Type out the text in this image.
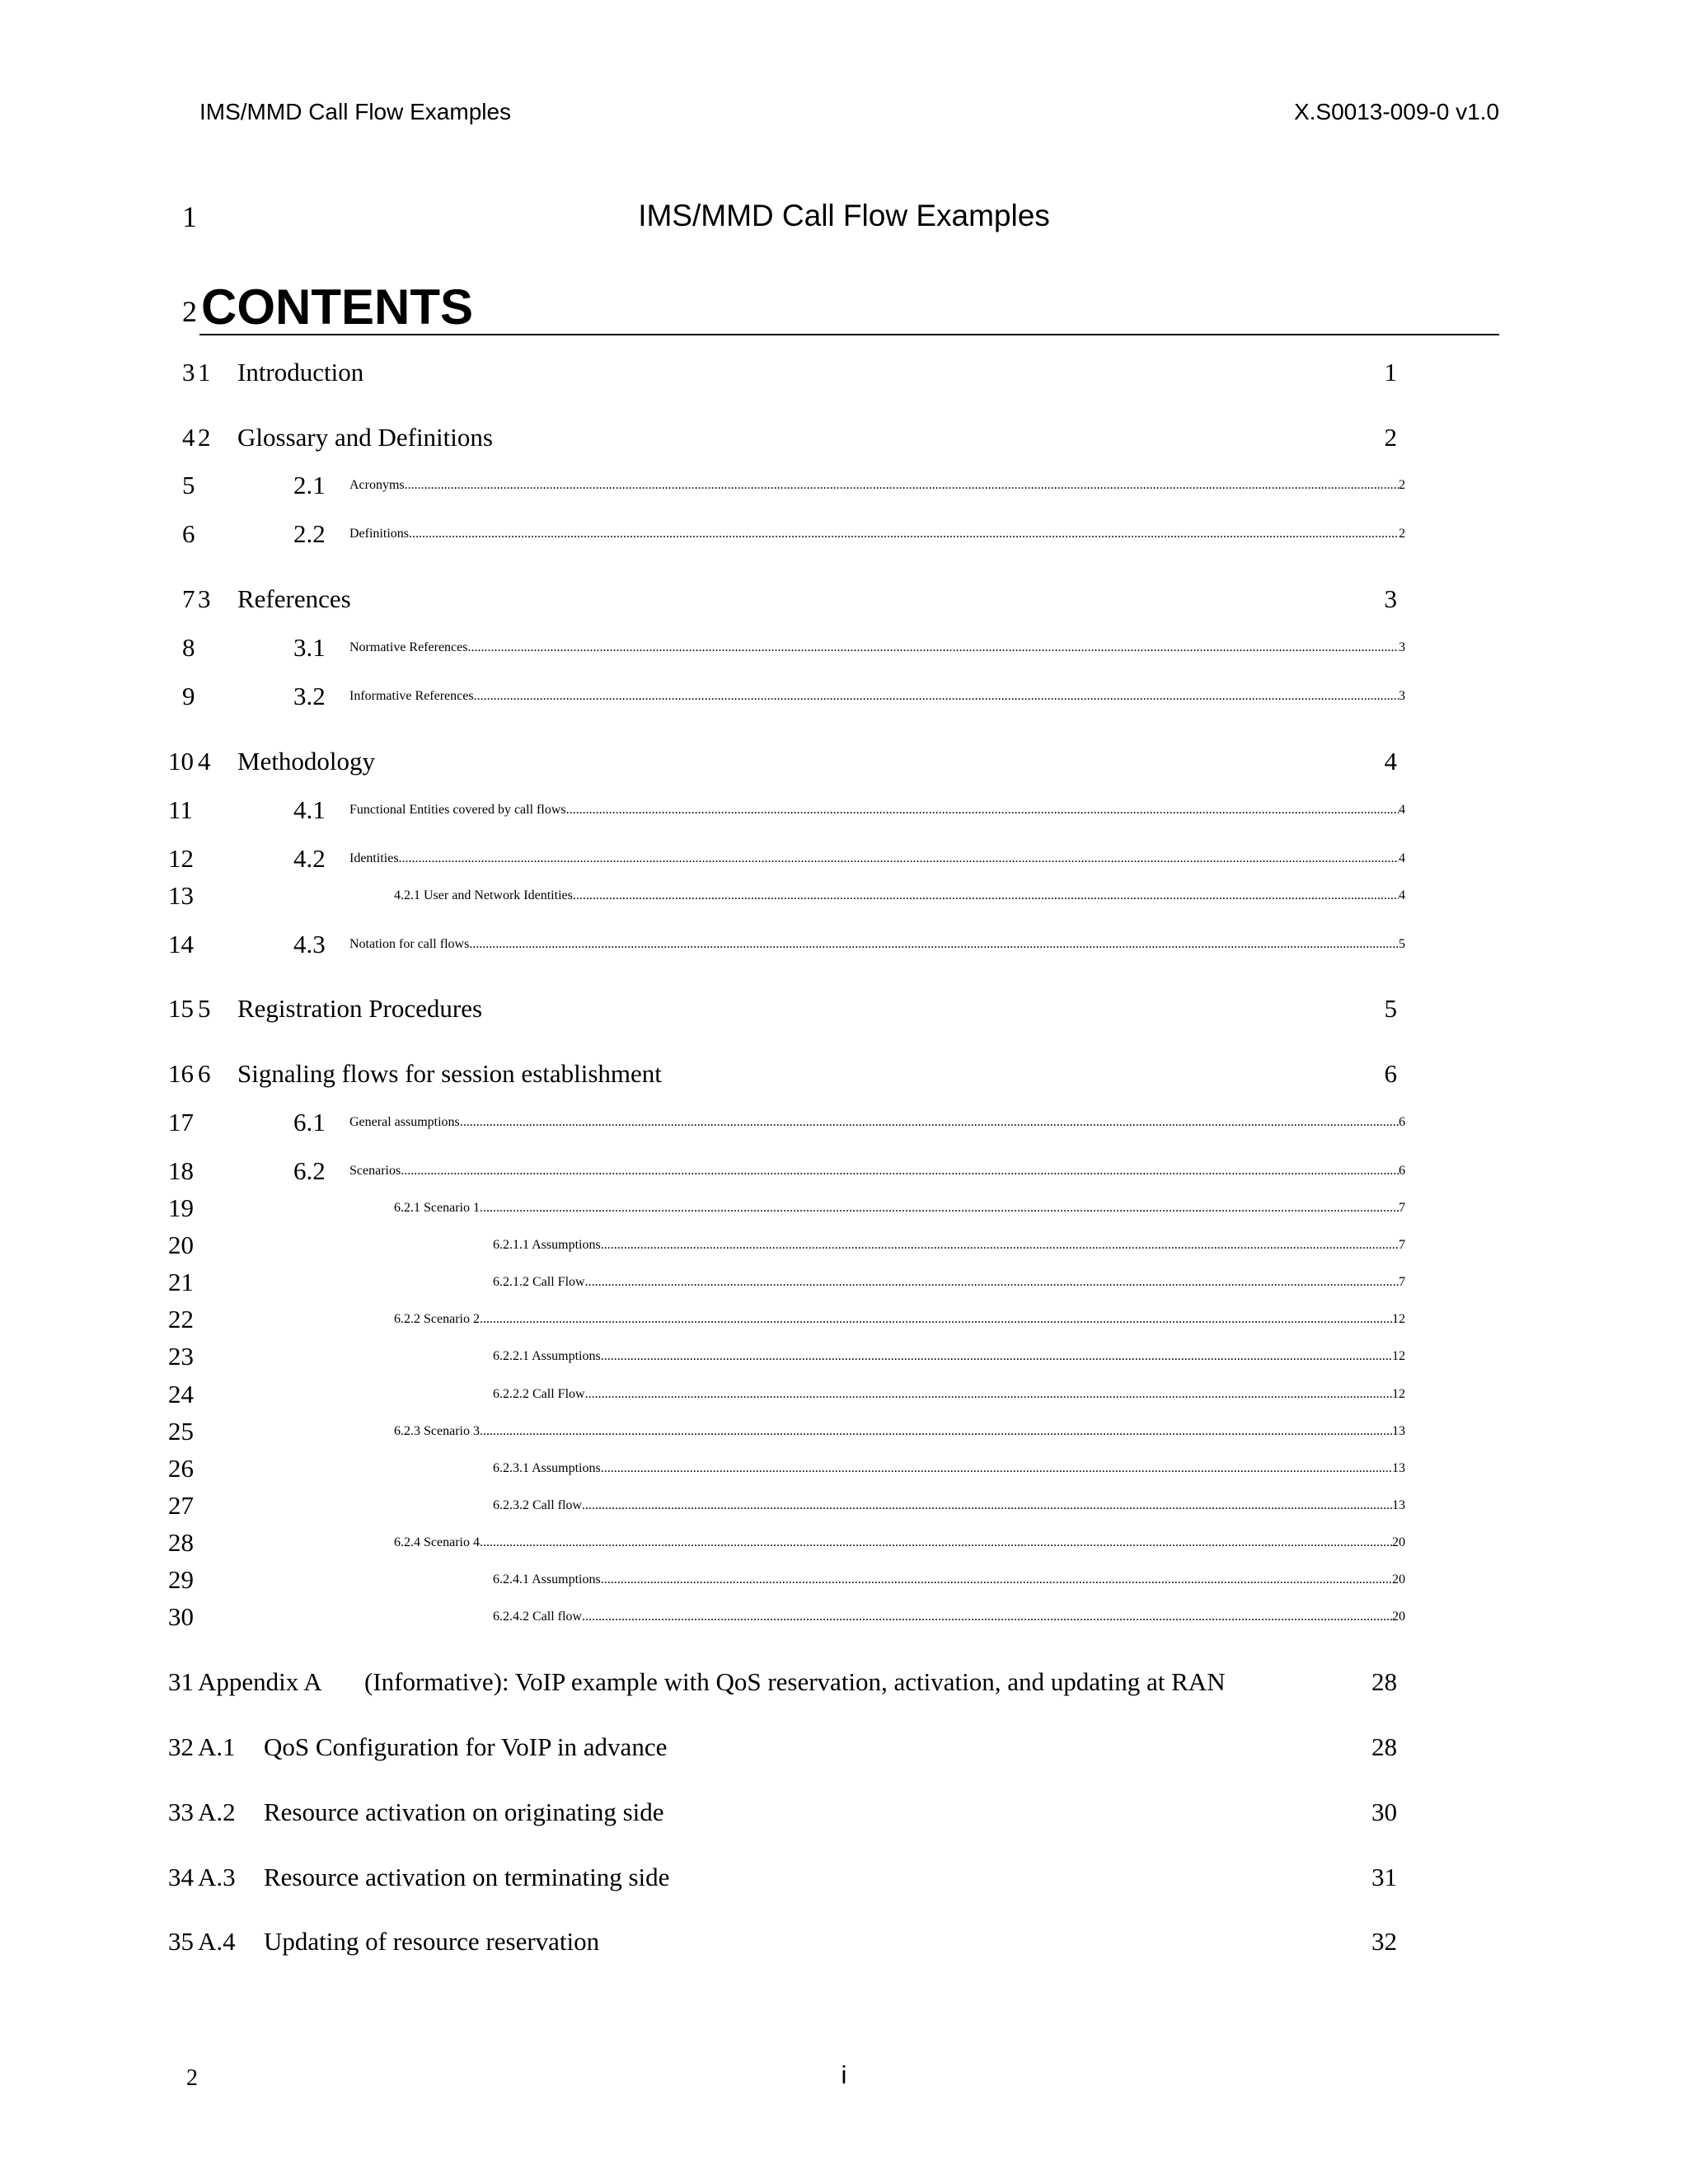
IMS/MMD Call Flow Examples	X.S0013-009-0 v1.0
1	IMS/MMD Call Flow Examples
2 CONTENTS
3 1 Introduction	1
4 2 Glossary and Definitions	2
5	2.1 Acronyms .....	2
6	2.2 Definitions .....	2
7 3 References	3
8	3.1 Normative References .....	3
9	3.2 Informative References .....	3
10 4 Methodology	4
11	4.1 Functional Entities covered by call flows .....	4
12	4.2 Identities .....	4
13	4.2.1 User and Network Identities .....	4
14	4.3 Notation for call flows .....	5
15 5 Registration Procedures	5
16 6 Signaling flows for session establishment	6
17	6.1 General assumptions .....	6
18	6.2 Scenarios .....	6
19	6.2.1 Scenario 1 .....	7
20	6.2.1.1 Assumptions .....	7
21	6.2.1.2 Call Flow .....	7
22	6.2.2 Scenario 2 .....	12
23	6.2.2.1 Assumptions .....	12
24	6.2.2.2 Call Flow .....	12
25	6.2.3 Scenario 3 .....	13
26	6.2.3.1 Assumptions .....	13
27	6.2.3.2 Call flow .....	13
28	6.2.4 Scenario 4 .....	20
29	6.2.4.1 Assumptions .....	20
30	6.2.4.2 Call flow .....	20
31 Appendix A (Informative): VoIP example with QoS reservation, activation, and updating at RAN	28
32 A.1 QoS Configuration for VoIP in advance	28
33 A.2 Resource activation on originating side	30
34 A.3 Resource activation on terminating side	31
35 A.4 Updating of resource reservation	32
2	i
